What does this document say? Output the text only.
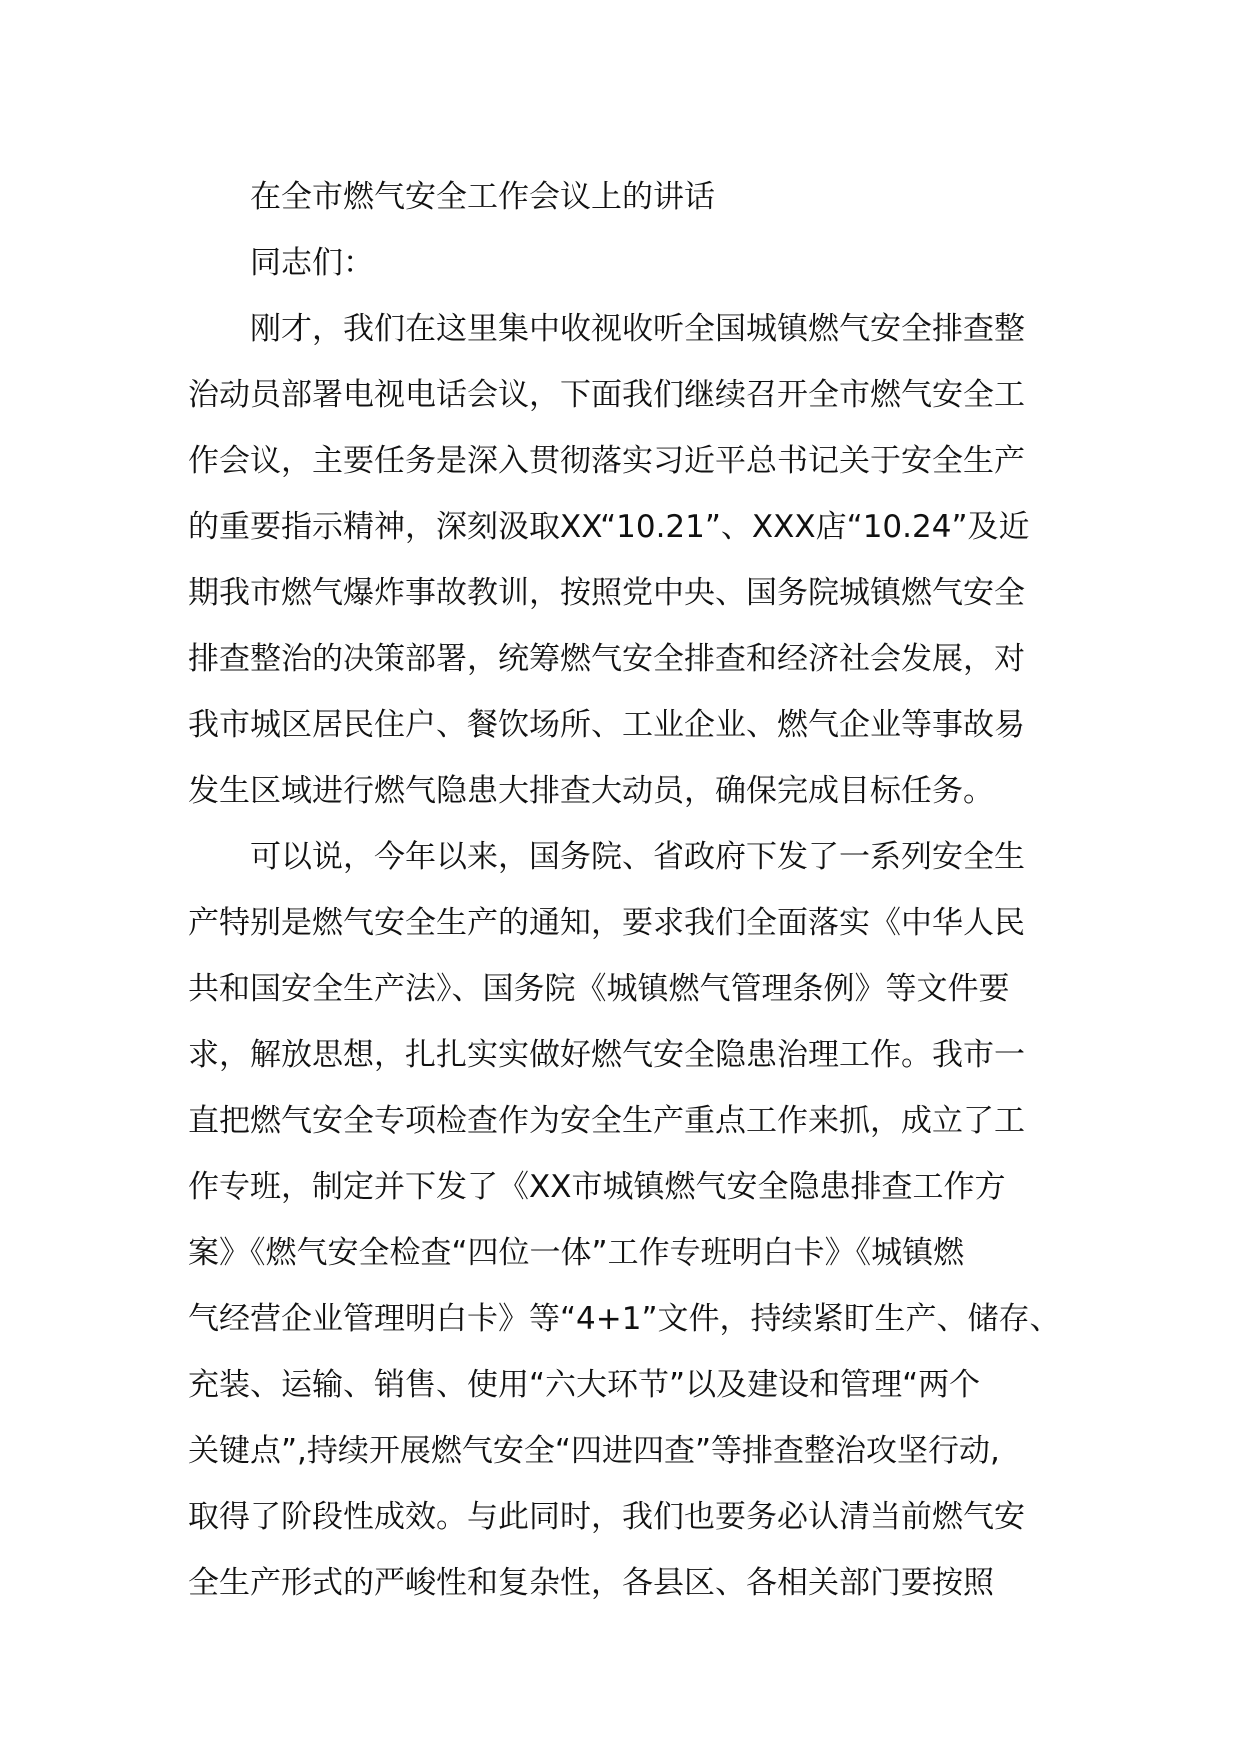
在全市燃气安全工作会议上的讲话

同志们：

刚才，我们在这里集中收视收听全国城镇燃气安全排查整

治动员部署电视电话会议，下面我们继续召开全市燃气安全工

作会议，主要任务是深入贯彻落实习近平总书记关于安全生产

的重要指示精神，深刻汲取XX“10.21”、XXX店“10.24”及近

期我市燃气爆炸事故教训，按照党中央、国务院城镇燃气安全

排查整治的决策部署，统筹燃气安全排查和经济社会发展，对

我市城区居民住户、餐饮场所、工业企业、燃气企业等事故易

发生区域进行燃气隐患大排查大动员，确保完成目标任务。

可以说，今年以来，国务院、省政府下发了一系列安全生

产特别是燃气安全生产的通知，要求我们全面落实《中华人民

共和国安全生产法》、国务院《城镇燃气管理条例》等文件要

求，解放思想，扎扎实实做好燃气安全隐患治理工作。我市一

直把燃气安全专项检查作为安全生产重点工作来抓，成立了工

作专班，制定并下发了《XX市城镇燃气安全隐患排查工作方

案》《燃气安全检查“四位一体”工作专班明白卡》《城镇燃

气经营企业管理明白卡》等“4+1”文件，持续紧盯生产、储存、

充装、运输、销售、使用“六大环节”以及建设和管理“两个

关键点”,持续开展燃气安全“四进四查”等排查整治攻坚行动,

取得了阶段性成效。与此同时，我们也要务必认清当前燃气安

全生产形式的严峻性和复杂性，各县区、各相关部门要按照
